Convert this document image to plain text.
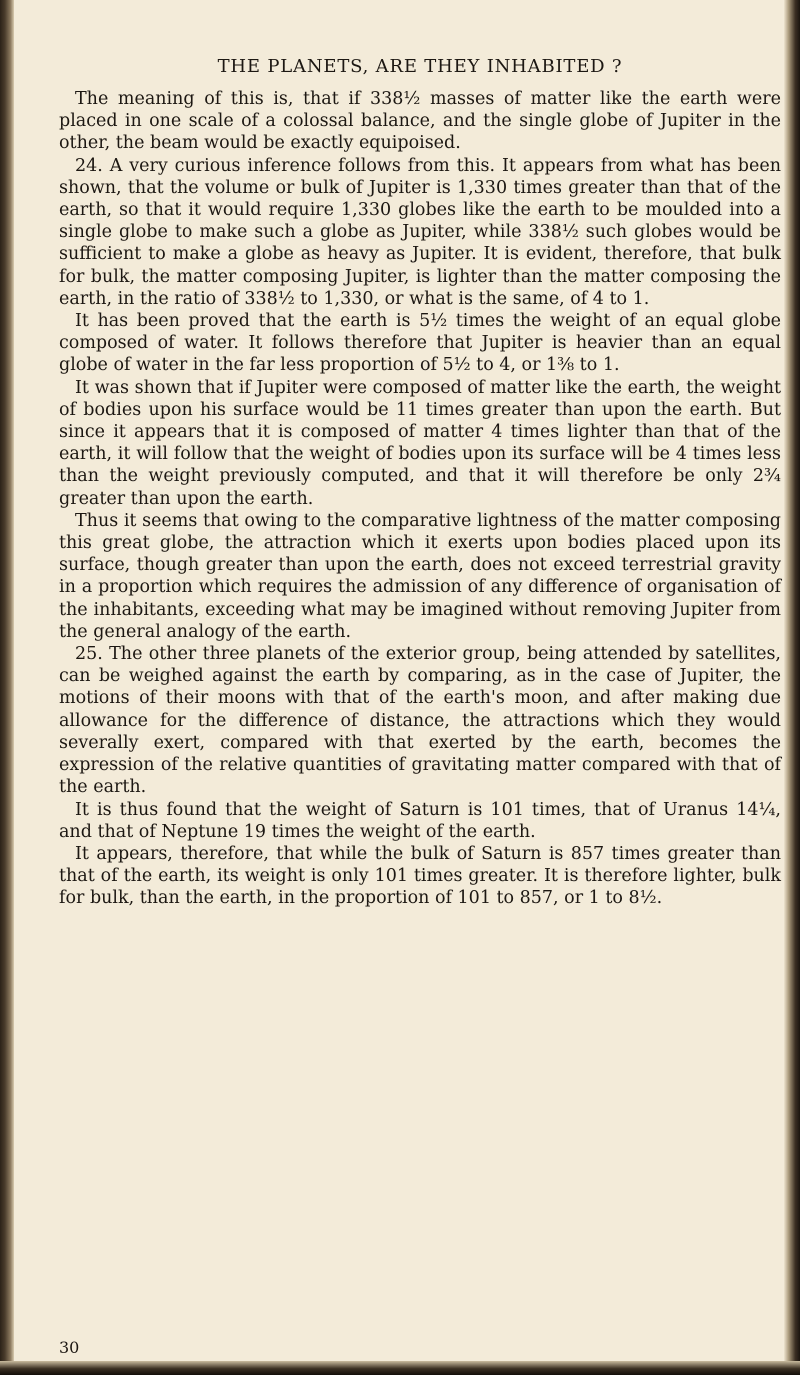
THE PLANETS, ARE THEY INHABITED ?

The meaning of this is, that if 338½ masses of matter like the earth were placed in one scale of a colossal balance, and the single globe of Jupiter in the other, the beam would be exactly equipoised.

24. A very curious inference follows from this. It appears from what has been shown, that the volume or bulk of Jupiter is 1,330 times greater than that of the earth, so that it would require 1,330 globes like the earth to be moulded into a single globe to make such a globe as Jupiter, while 338½ such globes would be sufficient to make a globe as heavy as Jupiter. It is evident, therefore, that bulk for bulk, the matter composing Jupiter, is lighter than the matter composing the earth, in the ratio of 338½ to 1,330, or what is the same, of 4 to 1.

It has been proved that the earth is 5½ times the weight of an equal globe composed of water. It follows therefore that Jupiter is heavier than an equal globe of water in the far less proportion of 5½ to 4, or 1⅜ to 1.

It was shown that if Jupiter were composed of matter like the earth, the weight of bodies upon his surface would be 11 times greater than upon the earth. But since it appears that it is composed of matter 4 times lighter than that of the earth, it will follow that the weight of bodies upon its surface will be 4 times less than the weight previously computed, and that it will therefore be only 2¾ greater than upon the earth.

Thus it seems that owing to the comparative lightness of the matter composing this great globe, the attraction which it exerts upon bodies placed upon its surface, though greater than upon the earth, does not exceed terrestrial gravity in a proportion which requires the admission of any difference of organisation of the inhabitants, exceeding what may be imagined without removing Jupiter from the general analogy of the earth.

25. The other three planets of the exterior group, being attended by satellites, can be weighed against the earth by comparing, as in the case of Jupiter, the motions of their moons with that of the earth's moon, and after making due allowance for the difference of distance, the attractions which they would severally exert, compared with that exerted by the earth, becomes the expression of the relative quantities of gravitating matter compared with that of the earth.

It is thus found that the weight of Saturn is 101 times, that of Uranus 14¼, and that of Neptune 19 times the weight of the earth.

It appears, therefore, that while the bulk of Saturn is 857 times greater than that of the earth, its weight is only 101 times greater. It is therefore lighter, bulk for bulk, than the earth, in the proportion of 101 to 857, or 1 to 8½.

30
